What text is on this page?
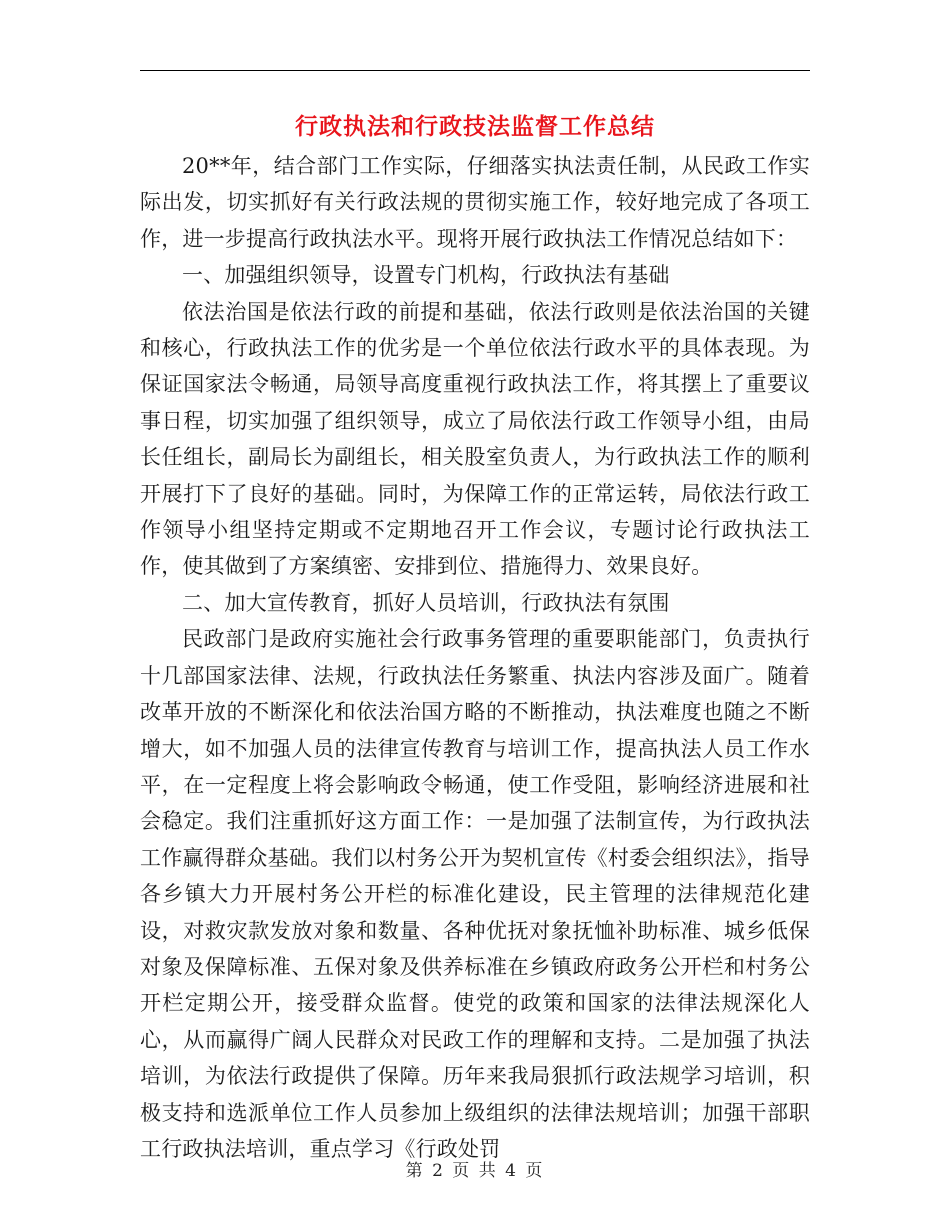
行政执法和行政技法监督工作总结

20**年，结合部门工作实际，仔细落实执法责任制，从民政工作实际出发，切实抓好有关行政法规的贯彻实施工作，较好地完成了各项工作，进一步提高行政执法水平。现将开展行政执法工作情况总结如下：

一、加强组织领导，设置专门机构，行政执法有基础

依法治国是依法行政的前提和基础，依法行政则是依法治国的关键和核心，行政执法工作的优劣是一个单位依法行政水平的具体表现。为保证国家法令畅通，局领导高度重视行政执法工作，将其摆上了重要议事日程，切实加强了组织领导，成立了局依法行政工作领导小组，由局长任组长，副局长为副组长，相关股室负责人，为行政执法工作的顺利开展打下了良好的基础。同时，为保障工作的正常运转，局依法行政工作领导小组坚持定期或不定期地召开工作会议，专题讨论行政执法工作，使其做到了方案缜密、安排到位、措施得力、效果良好。

二、加大宣传教育，抓好人员培训，行政执法有氛围

民政部门是政府实施社会行政事务管理的重要职能部门，负责执行十几部国家法律、法规，行政执法任务繁重、执法内容涉及面广。随着改革开放的不断深化和依法治国方略的不断推动，执法难度也随之不断增大，如不加强人员的法律宣传教育与培训工作，提高执法人员工作水平，在一定程度上将会影响政令畅通，使工作受阻，影响经济进展和社会稳定。我们注重抓好这方面工作：一是加强了法制宣传，为行政执法工作赢得群众基础。我们以村务公开为契机宣传《村委会组织法》，指导各乡镇大力开展村务公开栏的标准化建设，民主管理的法律规范化建设，对救灾款发放对象和数量、各种优抚对象抚恤补助标准、城乡低保对象及保障标准、五保对象及供养标准在乡镇政府政务公开栏和村务公开栏定期公开，接受群众监督。使党的政策和国家的法律法规深化人心，从而赢得广阔人民群众对民政工作的理解和支持。二是加强了执法培训，为依法行政提供了保障。历年来我局狠抓行政法规学习培训，积极支持和选派单位工作人员参加上级组织的法律法规培训；加强干部职工行政执法培训，重点学习《行政处罚

第 2 页 共 4 页
